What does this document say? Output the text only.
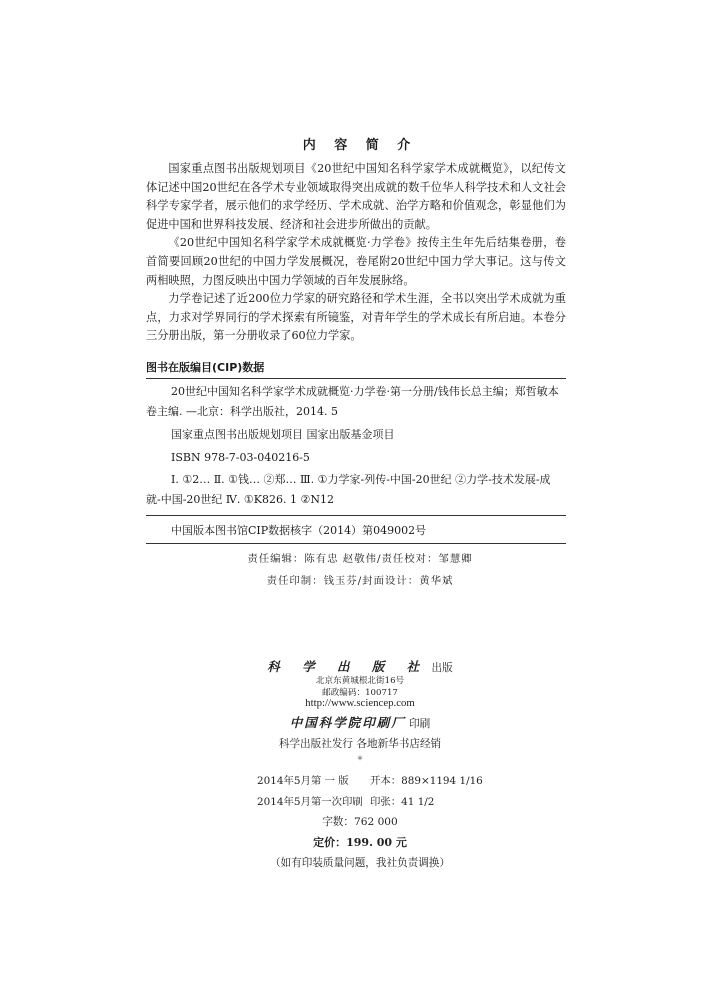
内 容 简 介

国家重点图书出版规划项目《20世纪中国知名科学家学术成就概览》，以纪传文体记述中国20世纪在各学术专业领域取得突出成就的数千位华人科学技术和人文社会科学专家学者，展示他们的求学经历、学术成就、治学方略和价值观念，彰显他们为促进中国和世界科技发展、经济和社会进步所做出的贡献。

《20世纪中国知名科学家学术成就概览·力学卷》按传主生年先后结集卷册，卷首简要回顾20世纪的中国力学发展概况，卷尾附20世纪中国力学大事记。这与传文两相映照，力图反映出中国力学领域的百年发展脉络。

力学卷记述了近200位力学家的研究路径和学术生涯，全书以突出学术成就为重点，力求对学界同行的学术探索有所镜鉴，对青年学生的学术成长有所启迪。本卷分三分册出版，第一分册收录了60位力学家。

图书在版编目(CIP)数据
20世纪中国知名科学家学术成就概览·力学卷·第一分册/钱伟长总主编；郑哲敏本
卷主编. —北京：科学出版社，2014. 5
国家重点图书出版规划项目 国家出版基金项目
ISBN 978-7-03-040216-5
Ⅰ. ①2… Ⅱ. ①钱… ②郑… Ⅲ. ①力学家-列传-中国-20世纪 ②力学-技术发展-成
就-中国-20世纪 Ⅳ. ①K826. 1 ②N12
中国版本图书馆CIP数据核字（2014）第049002号
责任编辑：陈有忠 赵敬伟/责任校对：邹慧卿
责任印制：钱玉芬/封面设计：黄华斌
科 学 出 版 社 出版
北京东黄城根北街16号
邮政编码：100717
http://www.sciencep.com
中国科学院印刷厂 印刷
科学出版社发行 各地新华书店经销
*
2014年5月第 一 版 开本：889×1194 1/16
2014年5月第一次印刷 印张：41 1/2
字数：762 000
定价：199. 00 元
（如有印装质量问题，我社负责调换）
